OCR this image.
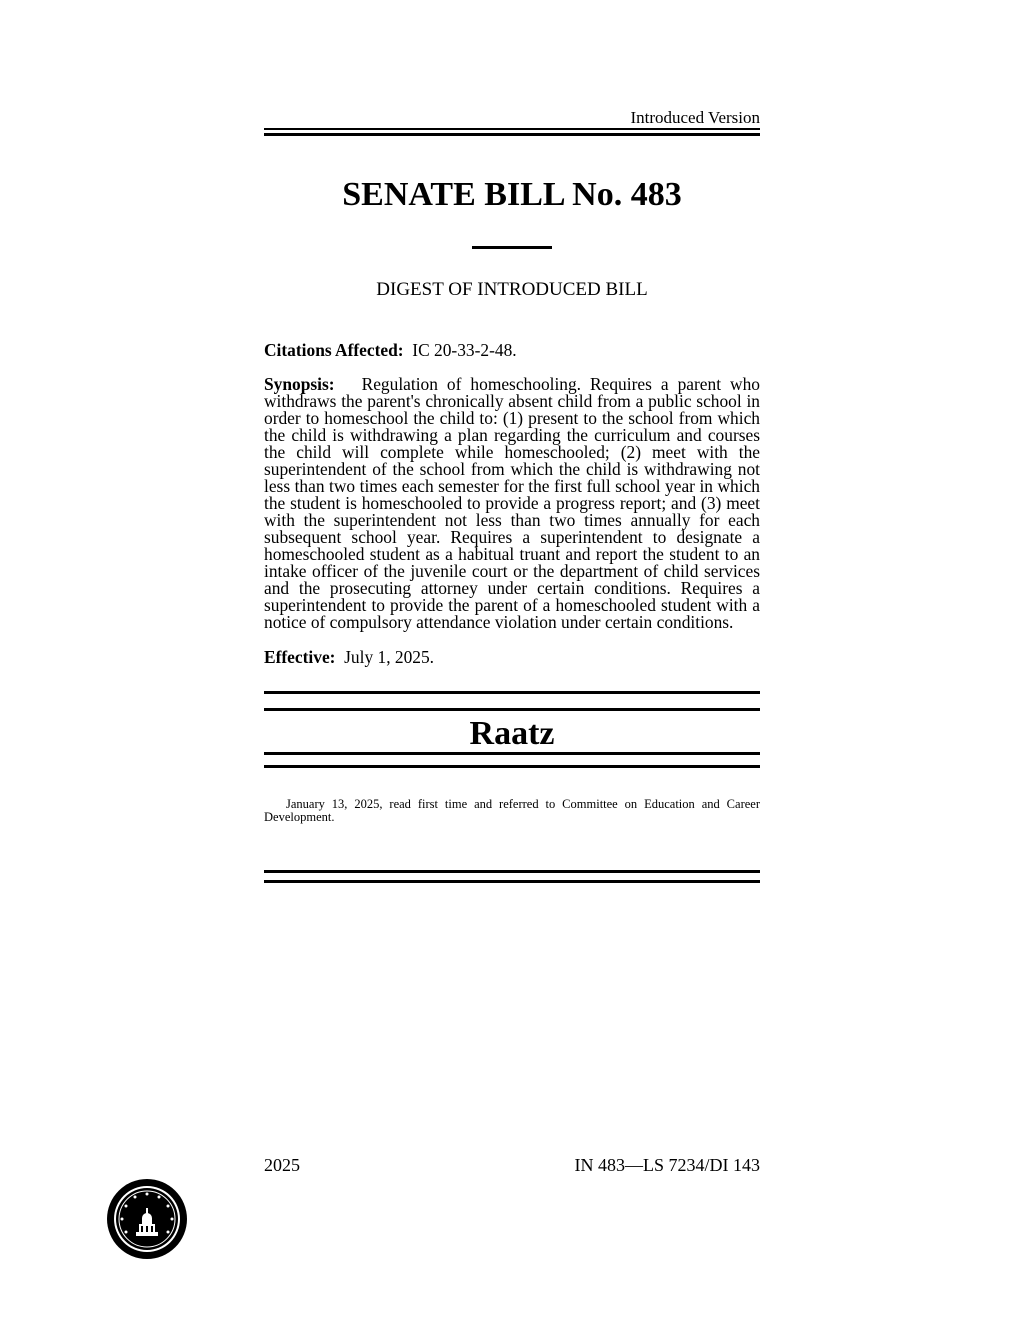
Introduced Version
SENATE BILL No. 483
DIGEST OF INTRODUCED BILL
Citations Affected: IC 20-33-2-48.
Synopsis: Regulation of homeschooling. Requires a parent who withdraws the parent's chronically absent child from a public school in order to homeschool the child to: (1) present to the school from which the child is withdrawing a plan regarding the curriculum and courses the child will complete while homeschooled; (2) meet with the superintendent of the school from which the child is withdrawing not less than two times each semester for the first full school year in which the student is homeschooled to provide a progress report; and (3) meet with the superintendent not less than two times annually for each subsequent school year. Requires a superintendent to designate a homeschooled student as a habitual truant and report the student to an intake officer of the juvenile court or the department of child services and the prosecuting attorney under certain conditions. Requires a superintendent to provide the parent of a homeschooled student with a notice of compulsory attendance violation under certain conditions.
Effective: July 1, 2025.
Raatz
January 13, 2025, read first time and referred to Committee on Education and Career Development.
2025	IN 483—LS 7234/DI 143
